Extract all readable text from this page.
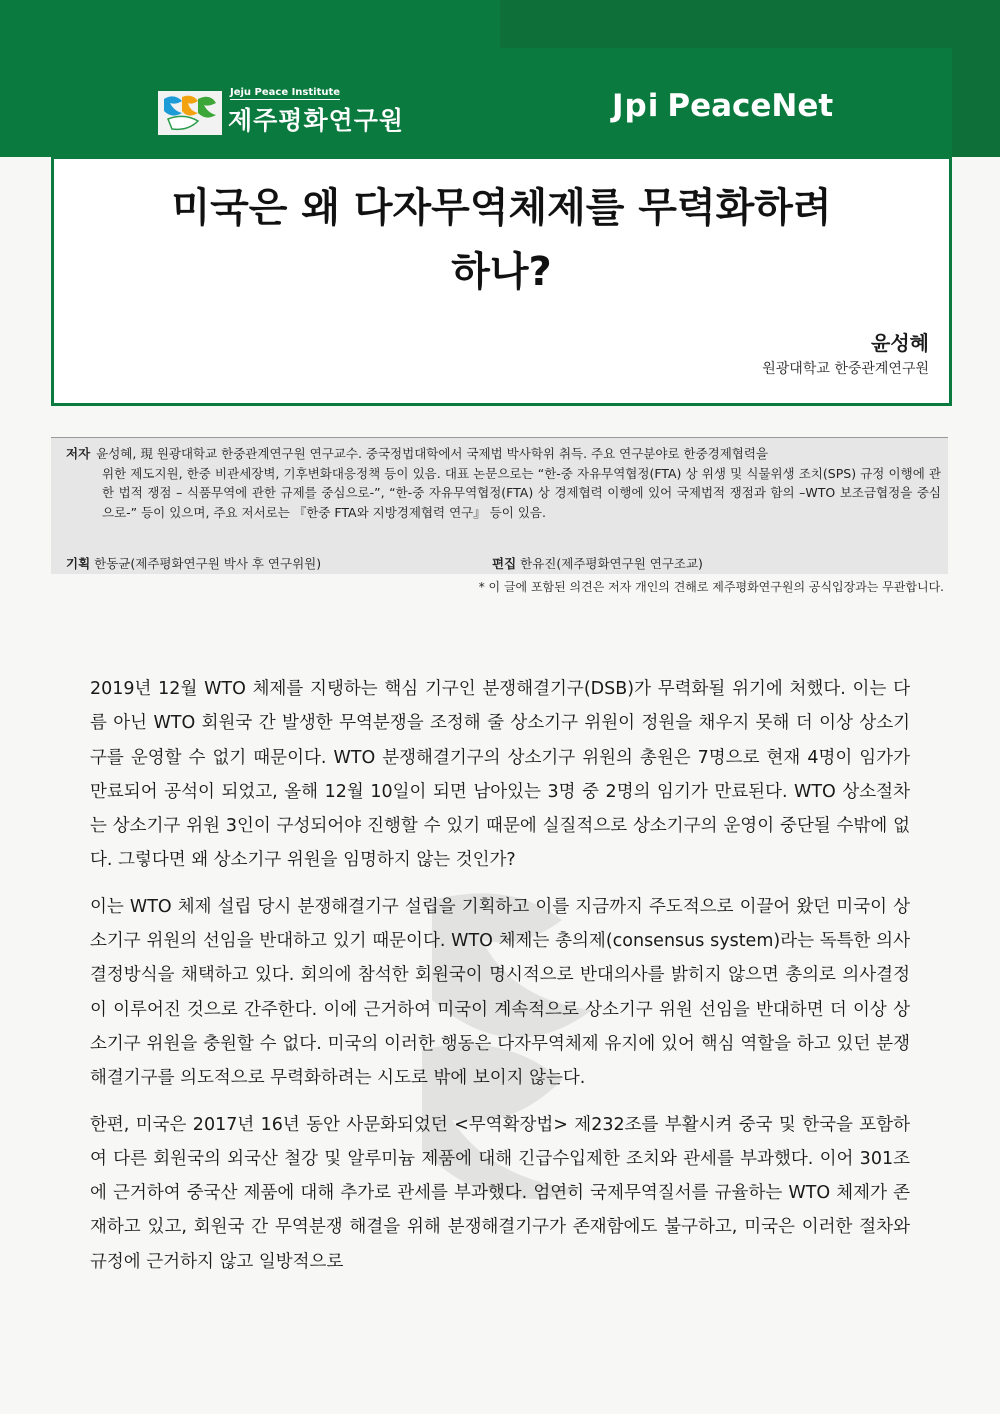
Jeju Peace Institute
제주평화연구원	Jpi PeaceNet
미국은 왜 다자무역체제를 무력화하려
하나?
윤성혜
원광대학교 한중관계연구원
저자 윤성혜, 現 원광대학교 한중관계연구원 연구교수. 중국정법대학에서 국제법 박사학위 취득. 주요 연구분야로 한중경제협력을
위한 제도지원, 한중 비관세장벽, 기후변화대응정책 등이 있음. 대표 논문으로는 “한-중 자유무역협정(FTA) 상 위생 및 식물위생 조치(SPS) 규정 이행에 관한 법적 쟁점 – 식품무역에 관한 규제를 중심으로-”, “한-중 자유무역협정(FTA) 상 경제협력 이행에 있어 국제법적 쟁점과 함의 –WTO 보조금협정을 중심으로-” 등이 있으며, 주요 저서로는 『한중 FTA와 지방경제협력 연구』 등이 있음.
기획 한동균(제주평화연구원 박사 후 연구위원)	편집 한유진(제주평화연구원 연구조교)
* 이 글에 포함된 의견은 저자 개인의 견해로 제주평화연구원의 공식입장과는 무관합니다.

2019년 12월 WTO 체제를 지탱하는 핵심 기구인 분쟁해결기구(DSB)가 무력화될 위기에 처했다. 이는 다름 아닌 WTO 회원국 간 발생한 무역분쟁을 조정해 줄 상소기구 위원이 정원을 채우지 못해 더 이상 상소기구를 운영할 수 없기 때문이다. WTO 분쟁해결기구의 상소기구 위원의 총원은 7명으로 현재 4명이 임가가 만료되어 공석이 되었고, 올해 12월 10일이 되면 남아있는 3명 중 2명의 임기가 만료된다. WTO 상소절차는 상소기구 위원 3인이 구성되어야 진행할 수 있기 때문에 실질적으로 상소기구의 운영이 중단될 수밖에 없다. 그렇다면 왜 상소기구 위원을 임명하지 않는 것인가?

이는 WTO 체제 설립 당시 분쟁해결기구 설립을 기획하고 이를 지금까지 주도적으로 이끌어 왔던 미국이 상소기구 위원의 선임을 반대하고 있기 때문이다. WTO 체제는 총의제(consensus system)라는 독특한 의사결정방식을 채택하고 있다. 회의에 참석한 회원국이 명시적으로 반대의사를 밝히지 않으면 총의로 의사결정이 이루어진 것으로 간주한다. 이에 근거하여 미국이 계속적으로 상소기구 위원 선임을 반대하면 더 이상 상소기구 위원을 충원할 수 없다. 미국의 이러한 행동은 다자무역체제 유지에 있어 핵심 역할을 하고 있던 분쟁해결기구를 의도적으로 무력화하려는 시도로 밖에 보이지 않는다.

한편, 미국은 2017년 16년 동안 사문화되었던 <무역확장법> 제232조를 부활시켜 중국 및 한국을 포함하여 다른 회원국의 외국산 철강 및 알루미늄 제품에 대해 긴급수입제한 조치와 관세를 부과했다. 이어 301조에 근거하여 중국산 제품에 대해 추가로 관세를 부과했다. 엄연히 국제무역질서를 규율하는 WTO 체제가 존재하고 있고, 회원국 간 무역분쟁 해결을 위해 분쟁해결기구가 존재함에도 불구하고, 미국은 이러한 절차와 규정에 근거하지 않고 일방적으로
